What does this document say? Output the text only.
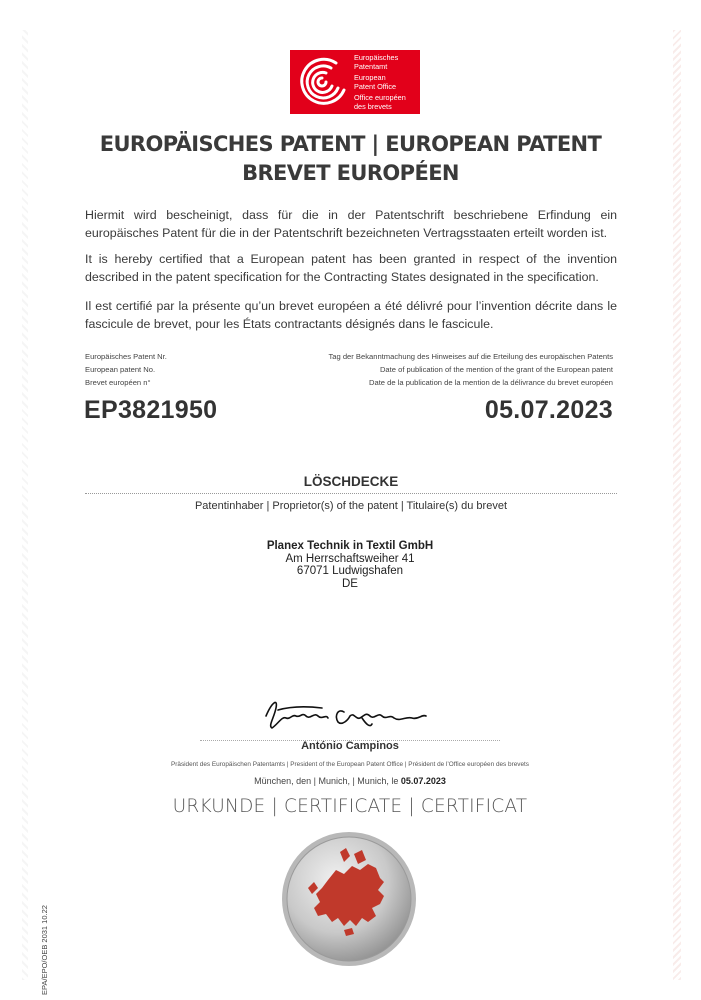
Europäisches
Patentamt
European
Patent Office
Office européen
des brevets
EUROPÄISCHES PATENT | EUROPEAN PATENT
BREVET EUROPÉEN
Hiermit wird bescheinigt, dass für die in der Patentschrift beschriebene Erfindung ein europäisches Patent für die in der Patentschrift bezeichneten Vertragsstaaten erteilt worden ist.
It is hereby certified that a European patent has been granted in respect of the invention described in the patent specification for the Contracting States designated in the specification.
Il est certifié par la présente qu’un brevet européen a été délivré pour l’invention décrite dans le fascicule de brevet, pour les États contractants désignés dans le fascicule.
Europäisches Patent Nr.
European patent No.
Brevet européen n°
Tag der Bekanntmachung des Hinweises auf die Erteilung des europäischen Patents
Date of publication of the mention of the grant of the European patent
Date de la publication de la mention de la délivrance du brevet européen
EP3821950	05.07.2023
LÖSCHDECKE
Patentinhaber | Proprietor(s) of the patent | Titulaire(s) du brevet
Planex Technik in Textil GmbH
Am Herrschaftsweiher 41
67071 Ludwigshafen
DE
António Campinos
Präsident des Europäischen Patentamts | President of the European Patent Office | Président de l’Office européen des brevets
München, den | Munich, | Munich, le 05.07.2023
URKUNDE | CERTIFICATE | CERTIFICAT
EPA/EPO/OEB 2031 10.22
